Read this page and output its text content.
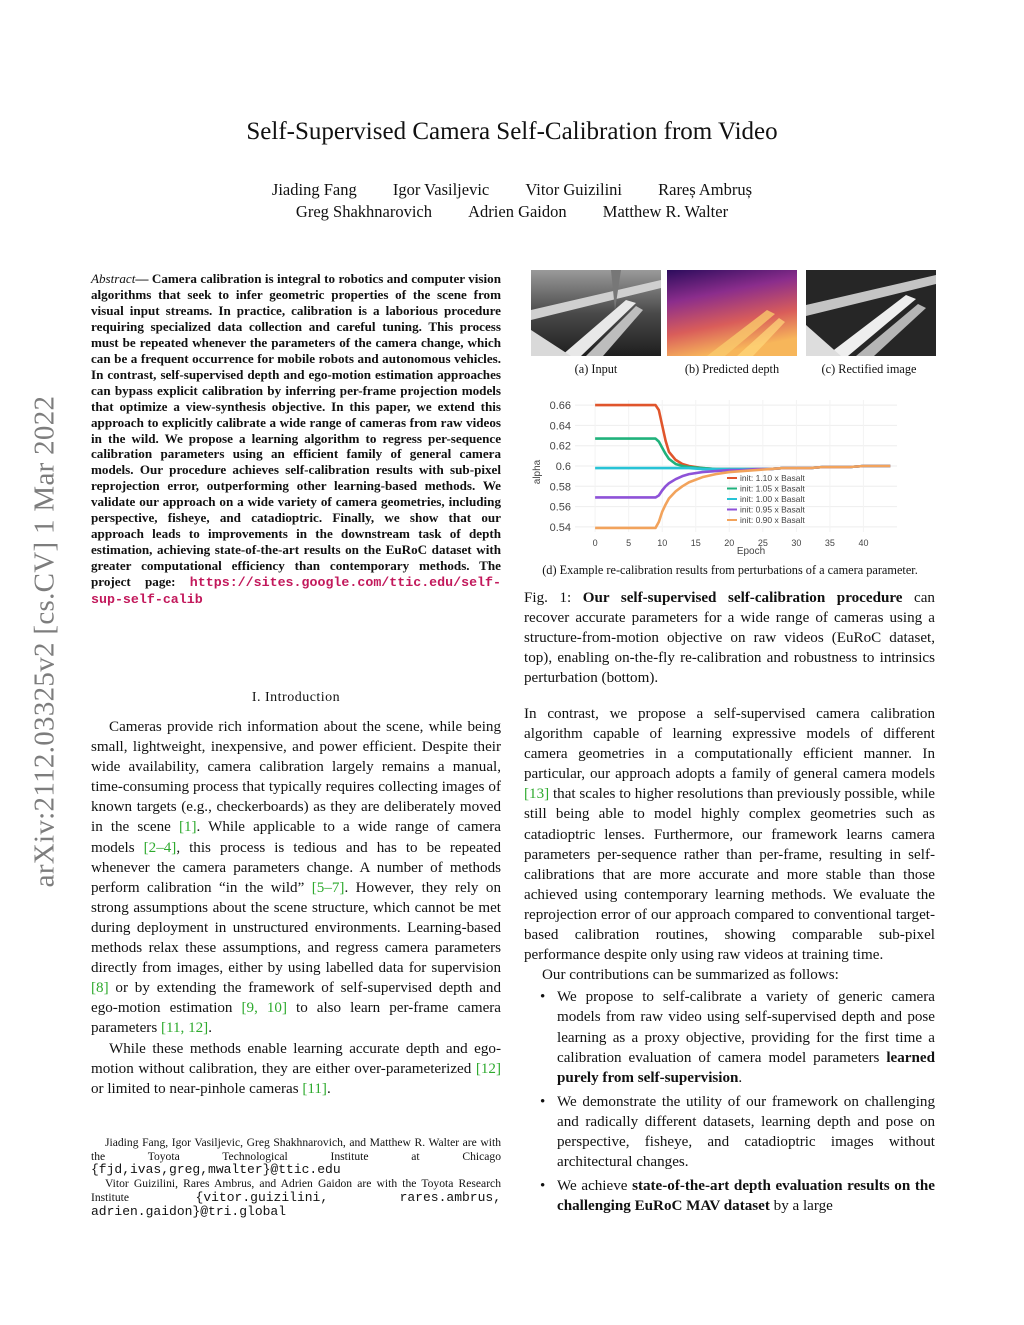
arXiv:2112.03325v2 [cs.CV] 1 Mar 2022
Self-Supervised Camera Self-Calibration from Video
Jiading Fang Igor Vasiljevic Vitor Guizilini Rareș Ambruș
Greg Shakhnarovich Adrien Gaidon Matthew R. Walter
Abstract— Camera calibration is integral to robotics and computer vision algorithms that seek to infer geometric properties of the scene from visual input streams. In practice, calibration is a laborious procedure requiring specialized data collection and careful tuning. This process must be repeated whenever the parameters of the camera change, which can be a frequent occurrence for mobile robots and autonomous vehicles. In contrast, self-supervised depth and ego-motion estimation approaches can bypass explicit calibration by inferring per-frame projection models that optimize a view-synthesis objective. In this paper, we extend this approach to explicitly calibrate a wide range of cameras from raw videos in the wild. We propose a learning algorithm to regress per-sequence calibration parameters using an efficient family of general camera models. Our procedure achieves self-calibration results with sub-pixel reprojection error, outperforming other learning-based methods. We validate our approach on a wide variety of camera geometries, including perspective, fisheye, and catadioptric. Finally, we show that our approach leads to improvements in the downstream task of depth estimation, achieving state-of-the-art results on the EuRoC dataset with greater computational efficiency than contemporary methods. The project page: https://sites.google.com/ttic.edu/self-sup-self-calib
I. Introduction

Cameras provide rich information about the scene, while being small, lightweight, inexpensive, and power efficient. Despite their wide availability, camera calibration largely remains a manual, time-consuming process that typically requires collecting images of known targets (e.g., checkerboards) as they are deliberately moved in the scene [1]. While applicable to a wide range of camera models [2–4], this process is tedious and has to be repeated whenever the camera parameters change. A number of methods perform calibration “in the wild” [5–7]. However, they rely on strong assumptions about the scene structure, which cannot be met during deployment in unstructured environments. Learning-based methods relax these assumptions, and regress camera parameters directly from images, either by using labelled data for supervision [8] or by extending the framework of self-supervised depth and ego-motion estimation [9, 10] to also learn per-frame camera parameters [11, 12].

While these methods enable learning accurate depth and ego-motion without calibration, they are either over-parameterized [12] or limited to near-pinhole cameras [11].

Jiading Fang, Igor Vasiljevic, Greg Shakhnarovich, and Matthew R. Walter are with the Toyota Technological Institute at Chicago {fjd,ivas,greg,mwalter}@ttic.edu

Vitor Guizilini, Rares Ambrus, and Adrien Gaidon are with the Toyota Research Institute {vitor.guizilini, rares.ambrus, adrien.gaidon}@tri.global

(a) Input	(b) Predicted depth	(c) Rectified image
0.54
0.56
0.58
0.6
0.62
0.64
0.66
0	5	10	15	20	25	30	35	40
init: 1.10 x Basalt
init: 1.05 x Basalt
init: 1.00 x Basalt
init: 0.95 x Basalt
init: 0.90 x Basalt
alpha
Epoch
(d) Example re-calibration results from perturbations of a camera parameter.
Fig. 1: Our self-supervised self-calibration procedure can recover accurate parameters for a wide range of cameras using a structure-from-motion objective on raw videos (EuRoC dataset, top), enabling on-the-fly re-calibration and robustness to intrinsics perturbation (bottom).

In contrast, we propose a self-supervised camera calibration algorithm capable of learning expressive models of different camera geometries in a computationally efficient manner. In particular, our approach adopts a family of general camera models [13] that scales to higher resolutions than previously possible, while still being able to model highly complex geometries such as catadioptric lenses. Furthermore, our framework learns camera parameters per-sequence rather than per-frame, resulting in self-calibrations that are more accurate and more stable than those achieved using contemporary learning methods. We evaluate the reprojection error of our approach compared to conventional target-based calibration routines, showing comparable sub-pixel performance despite only using raw videos at training time.

Our contributions can be summarized as follows:

• We propose to self-calibrate a variety of generic camera models from raw video using self-supervised depth and pose learning as a proxy objective, providing for the first time a calibration evaluation of camera model parameters learned purely from self-supervision.
• We demonstrate the utility of our framework on challenging and radically different datasets, learning depth and pose on perspective, fisheye, and catadioptric images without architectural changes.
• We achieve state-of-the-art depth evaluation results on the challenging EuRoC MAV dataset by a large
